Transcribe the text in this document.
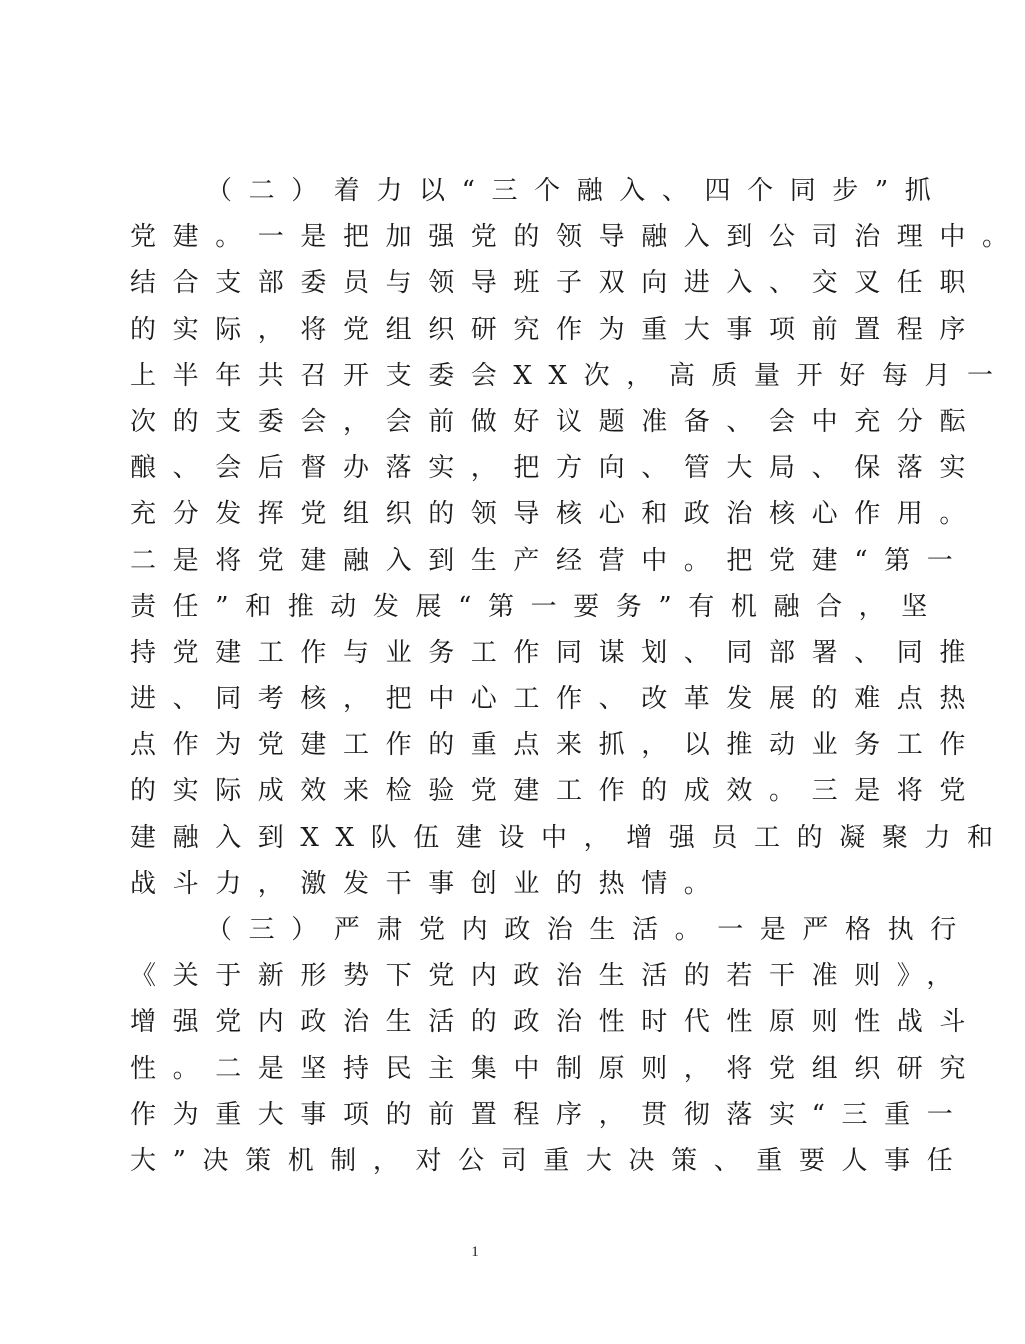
（二）着力以“三个融入、四个同步”抓
党建。一是把加强党的领导融入到公司治理中。
结合支部委员与领导班子双向进入、交叉任职
的实际，将党组织研究作为重大事项前置程序
上半年共召开支委会XX次，高质量开好每月一
次的支委会，会前做好议题准备、会中充分酝
酿、会后督办落实，把方向、管大局、保落实
充分发挥党组织的领导核心和政治核心作用。
二是将党建融入到生产经营中。把党建“第一
责任”和推动发展“第一要务”有机融合，坚
持党建工作与业务工作同谋划、同部署、同推
进、同考核，把中心工作、改革发展的难点热
点作为党建工作的重点来抓，以推动业务工作
的实际成效来检验党建工作的成效。三是将党
建融入到XX队伍建设中，增强员工的凝聚力和
战斗力，激发干事创业的热情。
（三）严肃党内政治生活。一是严格执行
《关于新形势下党内政治生活的若干准则》，
增强党内政治生活的政治性时代性原则性战斗
性。二是坚持民主集中制原则，将党组织研究
作为重大事项的前置程序，贯彻落实“三重一
大”决策机制，对公司重大决策、重要人事任
1
